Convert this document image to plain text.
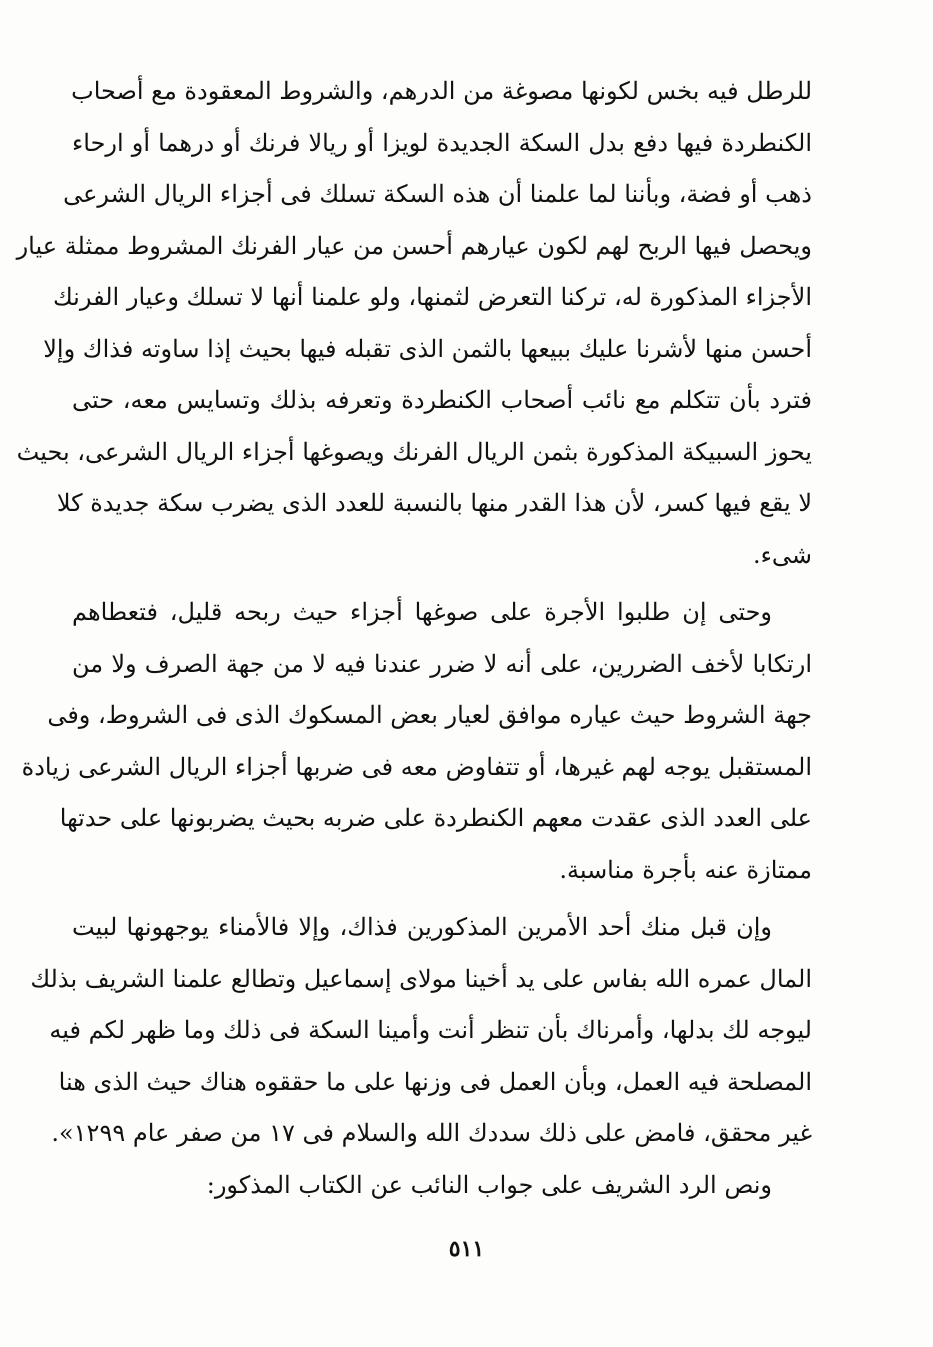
للرطل فيه بخس لكونها مصوغة من الدرهم، والشروط المعقودة مع أصحاب
الكنطردة فيها دفع بدل السكة الجديدة لويزا أو ريالا فرنك أو درهما أو ارحاء
ذهب أو فضة، وبأننا لما علمنا أن هذه السكة تسلك فى أجزاء الريال الشرعى
ويحصل فيها الربح لهم لكون عيارهم أحسن من عيار الفرنك المشروط ممثلة عيار
الأجزاء المذكورة له، تركنا التعرض لثمنها، ولو علمنا أنها لا تسلك وعيار الفرنك
أحسن منها لأشرنا عليك ببيعها بالثمن الذى تقبله فيها بحيث إذا ساوته فذاك وإلا
فترد بأن تتكلم مع نائب أصحاب الكنطردة وتعرفه بذلك وتسايس معه، حتى
يحوز السبيكة المذكورة بثمن الريال الفرنك ويصوغها أجزاء الريال الشرعى، بحيث
لا يقع فيها كسر، لأن هذا القدر منها بالنسبة للعدد الذى يضرب سكة جديدة كلا
شىء.
وحتى إن طلبوا الأجرة على صوغها أجزاء حيث ربحه قليل، فتعطاهم
ارتكابا لأخف الضررين، على أنه لا ضرر عندنا فيه لا من جهة الصرف ولا من
جهة الشروط حيث عياره موافق لعيار بعض المسكوك الذى فى الشروط، وفى
المستقبل يوجه لهم غيرها، أو تتفاوض معه فى ضربها أجزاء الريال الشرعى زيادة
على العدد الذى عقدت معهم الكنطردة على ضربه بحيث يضربونها على حدتها
ممتازة عنه بأجرة مناسبة.
وإن قبل منك أحد الأمرين المذكورين فذاك، وإلا فالأمناء يوجهونها لبيت
المال عمره الله بفاس على يد أخينا مولاى إسماعيل وتطالع علمنا الشريف بذلك
ليوجه لك بدلها، وأمرناك بأن تنظر أنت وأمينا السكة فى ذلك وما ظهر لكم فيه
المصلحة فيه العمل، وبأن العمل فى وزنها على ما حققوه هناك حيث الذى هنا
غير محقق، فامض على ذلك سددك الله والسلام فى ١٧ من صفر عام ١٢٩٩».
ونص الرد الشريف على جواب النائب عن الكتاب المذكور:
٥١١
